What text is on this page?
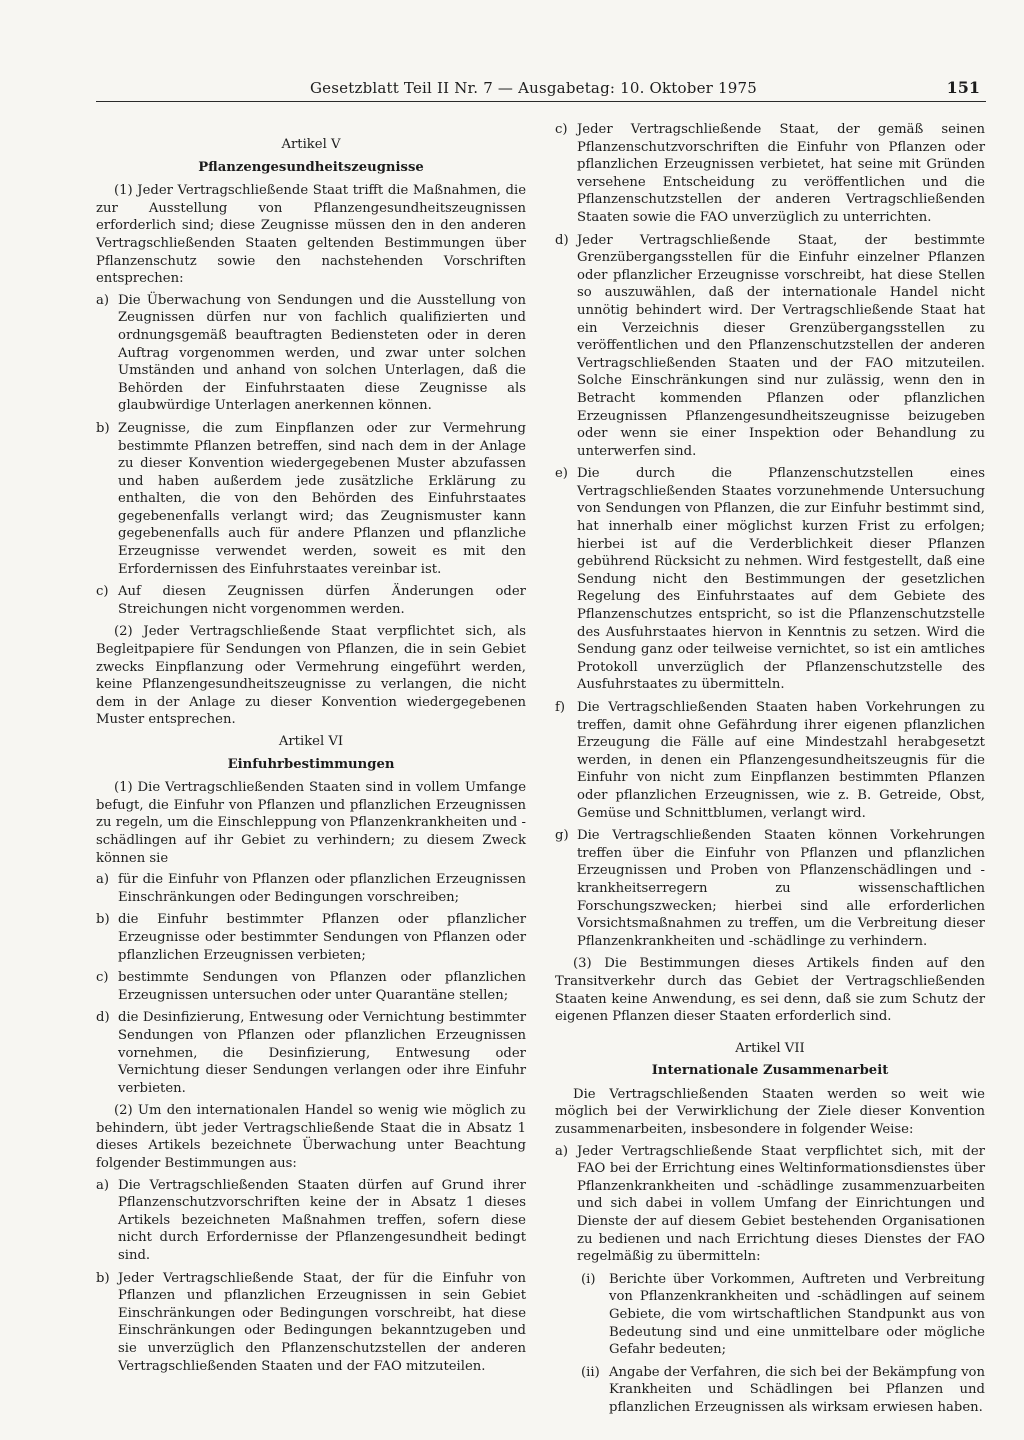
Gesetzblatt Teil II Nr. 7 — Ausgabetag: 10. Oktober 1975	151

Artikel V

Pflanzengesundheitszeugnisse

(1) Jeder Vertragschließende Staat trifft die Maßnahmen, die zur Ausstellung von Pflanzengesundheitszeugnissen erforderlich sind; diese Zeugnisse müssen den in den anderen Vertragschließenden Staaten geltenden Bestimmungen über Pflanzenschutz sowie den nachstehenden Vorschriften entsprechen:

a) Die Überwachung von Sendungen und die Ausstellung von Zeugnissen dürfen nur von fachlich qualifizierten und ordnungsgemäß beauftragten Bediensteten oder in deren Auftrag vorgenommen werden, und zwar unter solchen Umständen und anhand von solchen Unterlagen, daß die Behörden der Einfuhrstaaten diese Zeugnisse als glaubwürdige Unterlagen anerkennen können.
b) Zeugnisse, die zum Einpflanzen oder zur Vermehrung bestimmte Pflanzen betreffen, sind nach dem in der Anlage zu dieser Konvention wiedergegebenen Muster abzufassen und haben außerdem jede zusätzliche Erklärung zu enthalten, die von den Behörden des Einfuhrstaates gegebenenfalls verlangt wird; das Zeugnismuster kann gegebenenfalls auch für andere Pflanzen und pflanzliche Erzeugnisse verwendet werden, soweit es mit den Erfordernissen des Einfuhrstaates vereinbar ist.
c) Auf diesen Zeugnissen dürfen Änderungen oder Streichungen nicht vorgenommen werden.

(2) Jeder Vertragschließende Staat verpflichtet sich, als Begleitpapiere für Sendungen von Pflanzen, die in sein Gebiet zwecks Einpflanzung oder Vermehrung eingeführt werden, keine Pflanzengesundheitszeugnisse zu verlangen, die nicht dem in der Anlage zu dieser Konvention wiedergegebenen Muster entsprechen.

Artikel VI

Einfuhrbestimmungen

(1) Die Vertragschließenden Staaten sind in vollem Umfange befugt, die Einfuhr von Pflanzen und pflanzlichen Erzeugnissen zu regeln, um die Einschleppung von Pflanzenkrankheiten und -schädlingen auf ihr Gebiet zu verhindern; zu diesem Zweck können sie

a) für die Einfuhr von Pflanzen oder pflanzlichen Erzeugnissen Einschränkungen oder Bedingungen vorschreiben;
b) die Einfuhr bestimmter Pflanzen oder pflanzlicher Erzeugnisse oder bestimmter Sendungen von Pflanzen oder pflanzlichen Erzeugnissen verbieten;
c) bestimmte Sendungen von Pflanzen oder pflanzlichen Erzeugnissen untersuchen oder unter Quarantäne stellen;
d) die Desinfizierung, Entwesung oder Vernichtung bestimmter Sendungen von Pflanzen oder pflanzlichen Erzeugnissen vornehmen, die Desinfizierung, Entwesung oder Vernichtung dieser Sendungen verlangen oder ihre Einfuhr verbieten.

(2) Um den internationalen Handel so wenig wie möglich zu behindern, übt jeder Vertragschließende Staat die in Absatz 1 dieses Artikels bezeichnete Überwachung unter Beachtung folgender Bestimmungen aus:

a) Die Vertragschließenden Staaten dürfen auf Grund ihrer Pflanzenschutzvorschriften keine der in Absatz 1 dieses Artikels bezeichneten Maßnahmen treffen, sofern diese nicht durch Erfordernisse der Pflanzengesundheit bedingt sind.
b) Jeder Vertragschließende Staat, der für die Einfuhr von Pflanzen und pflanzlichen Erzeugnissen in sein Gebiet Einschränkungen oder Bedingungen vorschreibt, hat diese Einschränkungen oder Bedingungen bekanntzugeben und sie unverzüglich den Pflanzenschutzstellen der anderen Vertragschließenden Staaten und der FAO mitzuteilen.
c) Jeder Vertragschließende Staat, der gemäß seinen Pflanzenschutzvorschriften die Einfuhr von Pflanzen oder pflanzlichen Erzeugnissen verbietet, hat seine mit Gründen versehene Entscheidung zu veröffentlichen und die Pflanzenschutzstellen der anderen Vertragschließenden Staaten sowie die FAO unverzüglich zu unterrichten.
d) Jeder Vertragschließende Staat, der bestimmte Grenzübergangsstellen für die Einfuhr einzelner Pflanzen oder pflanzlicher Erzeugnisse vorschreibt, hat diese Stellen so auszuwählen, daß der internationale Handel nicht unnötig behindert wird. Der Vertragschließende Staat hat ein Verzeichnis dieser Grenzübergangsstellen zu veröffentlichen und den Pflanzenschutzstellen der anderen Vertragschließenden Staaten und der FAO mitzuteilen. Solche Einschränkungen sind nur zulässig, wenn den in Betracht kommenden Pflanzen oder pflanzlichen Erzeugnissen Pflanzengesundheitszeugnisse beizugeben oder wenn sie einer Inspektion oder Behandlung zu unterwerfen sind.
e) Die durch die Pflanzenschutzstellen eines Vertragschließenden Staates vorzunehmende Untersuchung von Sendungen von Pflanzen, die zur Einfuhr bestimmt sind, hat innerhalb einer möglichst kurzen Frist zu erfolgen; hierbei ist auf die Verderblichkeit dieser Pflanzen gebührend Rücksicht zu nehmen. Wird festgestellt, daß eine Sendung nicht den Bestimmungen der gesetzlichen Regelung des Einfuhrstaates auf dem Gebiete des Pflanzenschutzes entspricht, so ist die Pflanzenschutzstelle des Ausfuhrstaates hiervon in Kenntnis zu setzen. Wird die Sendung ganz oder teilweise vernichtet, so ist ein amtliches Protokoll unverzüglich der Pflanzenschutzstelle des Ausfuhrstaates zu übermitteln.
f) Die Vertragschließenden Staaten haben Vorkehrungen zu treffen, damit ohne Gefährdung ihrer eigenen pflanzlichen Erzeugung die Fälle auf eine Mindestzahl herabgesetzt werden, in denen ein Pflanzengesundheitszeugnis für die Einfuhr von nicht zum Einpflanzen bestimmten Pflanzen oder pflanzlichen Erzeugnissen, wie z. B. Getreide, Obst, Gemüse und Schnittblumen, verlangt wird.
g) Die Vertragschließenden Staaten können Vorkehrungen treffen über die Einfuhr von Pflanzen und pflanzlichen Erzeugnissen und Proben von Pflanzenschädlingen und -krankheitserregern zu wissenschaftlichen Forschungszwecken; hierbei sind alle erforderlichen Vorsichtsmaßnahmen zu treffen, um die Verbreitung dieser Pflanzenkrankheiten und -schädlinge zu verhindern.

(3) Die Bestimmungen dieses Artikels finden auf den Transitverkehr durch das Gebiet der Vertragschließenden Staaten keine Anwendung, es sei denn, daß sie zum Schutz der eigenen Pflanzen dieser Staaten erforderlich sind.

Artikel VII

Internationale Zusammenarbeit

Die Vertragschließenden Staaten werden so weit wie möglich bei der Verwirklichung der Ziele dieser Konvention zusammenarbeiten, insbesondere in folgender Weise:

a) Jeder Vertragschließende Staat verpflichtet sich, mit der FAO bei der Errichtung eines Weltinformationsdienstes über Pflanzenkrankheiten und -schädlinge zusammenzuarbeiten und sich dabei in vollem Umfang der Einrichtungen und Dienste der auf diesem Gebiet bestehenden Organisationen zu bedienen und nach Errichtung dieses Dienstes der FAO regelmäßig zu übermitteln:
(i) Berichte über Vorkommen, Auftreten und Verbreitung von Pflanzenkrankheiten und -schädlingen auf seinem Gebiete, die vom wirtschaftlichen Standpunkt aus von Bedeutung sind und eine unmittelbare oder mögliche Gefahr bedeuten;
(ii) Angabe der Verfahren, die sich bei der Bekämpfung von Krankheiten und Schädlingen bei Pflanzen und pflanzlichen Erzeugnissen als wirksam erwiesen haben.
